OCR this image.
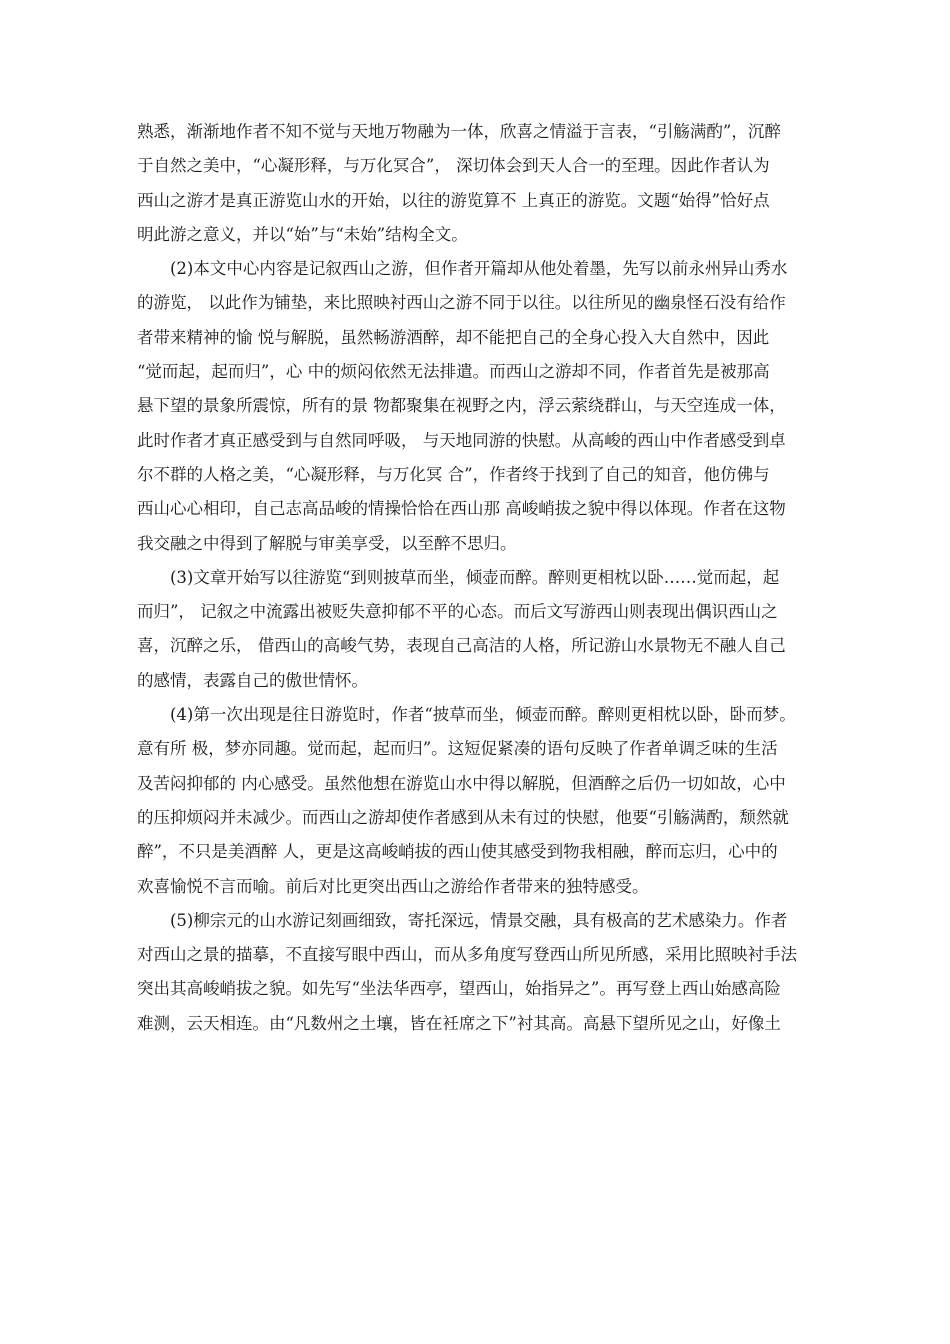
熟悉，渐渐地作者不知不觉与天地万物融为一体，欣喜之情溢于言表，“引觞满酌”，沉醉
于自然之美中，“心凝形释，与万化冥合”， 深切体会到天人合一的至理。因此作者认为
西山之游才是真正游览山水的开始，以往的游览算不 上真正的游览。文题“始得”恰好点
明此游之意义，并以“始”与“未始”结构全文。
(2)本文中心内容是记叙西山之游，但作者开篇却从他处着墨，先写以前永州异山秀水
的游览， 以此作为铺垫，来比照映衬西山之游不同于以往。以往所见的幽泉怪石没有给作
者带来精神的愉 悦与解脱，虽然畅游酒醉，却不能把自己的全身心投入大自然中，因此
“觉而起，起而归”，心 中的烦闷依然无法排遣。而西山之游却不同，作者首先是被那高
悬下望的景象所震惊，所有的景 物都聚集在视野之内，浮云萦绕群山，与天空连成一体，
此时作者才真正感受到与自然同呼吸， 与天地同游的快慰。从高峻的西山中作者感受到卓
尔不群的人格之美，“心凝形释，与万化冥 合”，作者终于找到了自己的知音，他仿佛与
西山心心相印，自己志高品峻的情操恰恰在西山那 高峻峭拔之貌中得以体现。作者在这物
我交融之中得到了解脱与审美享受，以至醉不思归。
(3)文章开始写以往游览“到则披草而坐，倾壶而醉。醉则更相枕以卧……觉而起，起
而归”， 记叙之中流露出被贬失意抑郁不平的心态。而后文写游西山则表现出偶识西山之
喜，沉醉之乐， 借西山的高峻气势，表现自己高洁的人格，所记游山水景物无不融人自己
的感情，表露自己的傲世情怀。
(4)第一次出现是往日游览时，作者“披草而坐，倾壶而醉。醉则更相枕以卧，卧而梦。
意有所 极，梦亦同趣。觉而起，起而归”。这短促紧凑的语句反映了作者单调乏味的生活
及苦闷抑郁的 内心感受。虽然他想在游览山水中得以解脱，但酒醉之后仍一切如故，心中
的压抑烦闷并未减少。而西山之游却使作者感到从未有过的快慰，他要“引觞满酌，颓然就
醉”，不只是美酒醉 人，更是这高峻峭拔的西山使其感受到物我相融，醉而忘归，心中的
欢喜愉悦不言而喻。前后对比更突出西山之游给作者带来的独特感受。
(5)柳宗元的山水游记刻画细致，寄托深远，情景交融，具有极高的艺术感染力。作者
对西山之景的描摹，不直接写眼中西山，而从多角度写登西山所见所感，采用比照映衬手法
突出其高峻峭拔之貌。如先写“坐法华西亭，望西山，始指异之”。再写登上西山始感高险
难测，云天相连。由“凡数州之土壤，皆在衽席之下”衬其高。高悬下望所见之山，好像土
